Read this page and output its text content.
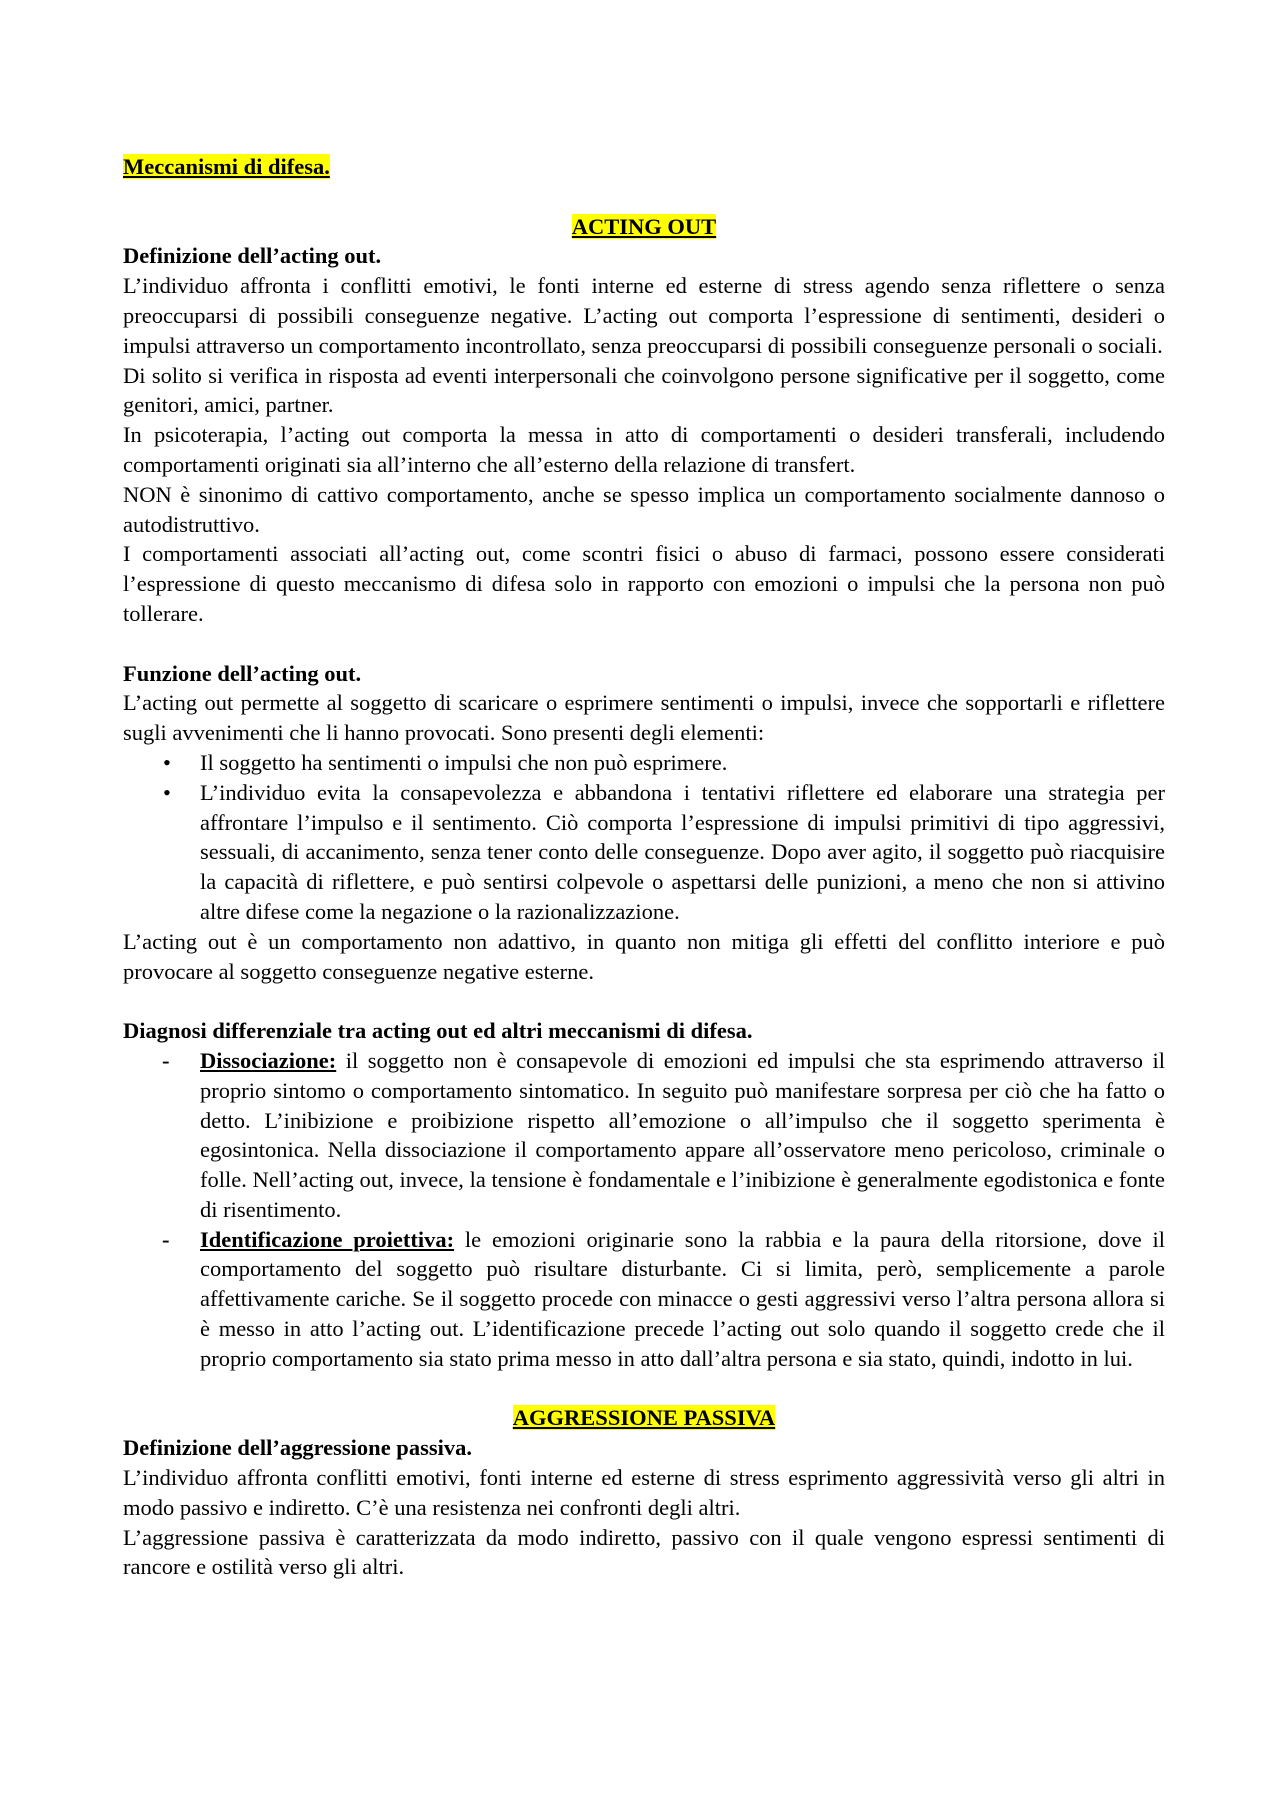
Meccanismi di difesa.

ACTING OUT

Definizione dell’acting out.

L’individuo affronta i conflitti emotivi, le fonti interne ed esterne di stress agendo senza riflettere o senza preoccuparsi di possibili conseguenze negative. L’acting out comporta l’espressione di sentimenti, desideri o impulsi attraverso un comportamento incontrollato, senza preoccuparsi di possibili conseguenze personali o sociali.

Di solito si verifica in risposta ad eventi interpersonali che coinvolgono persone significative per il soggetto, come genitori, amici, partner.

In psicoterapia, l’acting out comporta la messa in atto di comportamenti o desideri transferali, includendo comportamenti originati sia all’interno che all’esterno della relazione di transfert.

NON è sinonimo di cattivo comportamento, anche se spesso implica un comportamento socialmente dannoso o autodistruttivo.

I comportamenti associati all’acting out, come scontri fisici o abuso di farmaci, possono essere considerati l’espressione di questo meccanismo di difesa solo in rapporto con emozioni o impulsi che la persona non può tollerare.

Funzione dell’acting out.

L’acting out permette al soggetto di scaricare o esprimere sentimenti o impulsi, invece che sopportarli e riflettere sugli avvenimenti che li hanno provocati. Sono presenti degli elementi:

• Il soggetto ha sentimenti o impulsi che non può esprimere.
• L’individuo evita la consapevolezza e abbandona i tentativi riflettere ed elaborare una strategia per affrontare l’impulso e il sentimento. Ciò comporta l’espressione di impulsi primitivi di tipo aggressivi, sessuali, di accanimento, senza tener conto delle conseguenze. Dopo aver agito, il soggetto può riacquisire la capacità di riflettere, e può sentirsi colpevole o aspettarsi delle punizioni, a meno che non si attivino altre difese come la negazione o la razionalizzazione.

L’acting out è un comportamento non adattivo, in quanto non mitiga gli effetti del conflitto interiore e può provocare al soggetto conseguenze negative esterne.

Diagnosi differenziale tra acting out ed altri meccanismi di difesa.

- Dissociazione: il soggetto non è consapevole di emozioni ed impulsi che sta esprimendo attraverso il proprio sintomo o comportamento sintomatico. In seguito può manifestare sorpresa per ciò che ha fatto o detto. L’inibizione e proibizione rispetto all’emozione o all’impulso che il soggetto sperimenta è egosintonica. Nella dissociazione il comportamento appare all’osservatore meno pericoloso, criminale o folle. Nell’acting out, invece, la tensione è fondamentale e l’inibizione è generalmente egodistonica e fonte di risentimento.
- Identificazione proiettiva: le emozioni originarie sono la rabbia e la paura della ritorsione, dove il comportamento del soggetto può risultare disturbante. Ci si limita, però, semplicemente a parole affettivamente cariche. Se il soggetto procede con minacce o gesti aggressivi verso l’altra persona allora si è messo in atto l’acting out. L’identificazione precede l’acting out solo quando il soggetto crede che il proprio comportamento sia stato prima messo in atto dall’altra persona e sia stato, quindi, indotto in lui.

AGGRESSIONE PASSIVA

Definizione dell’aggressione passiva.

L’individuo affronta conflitti emotivi, fonti interne ed esterne di stress esprimento aggressività verso gli altri in modo passivo e indiretto. C’è una resistenza nei confronti degli altri.

L’aggressione passiva è caratterizzata da modo indiretto, passivo con il quale vengono espressi sentimenti di rancore e ostilità verso gli altri.
